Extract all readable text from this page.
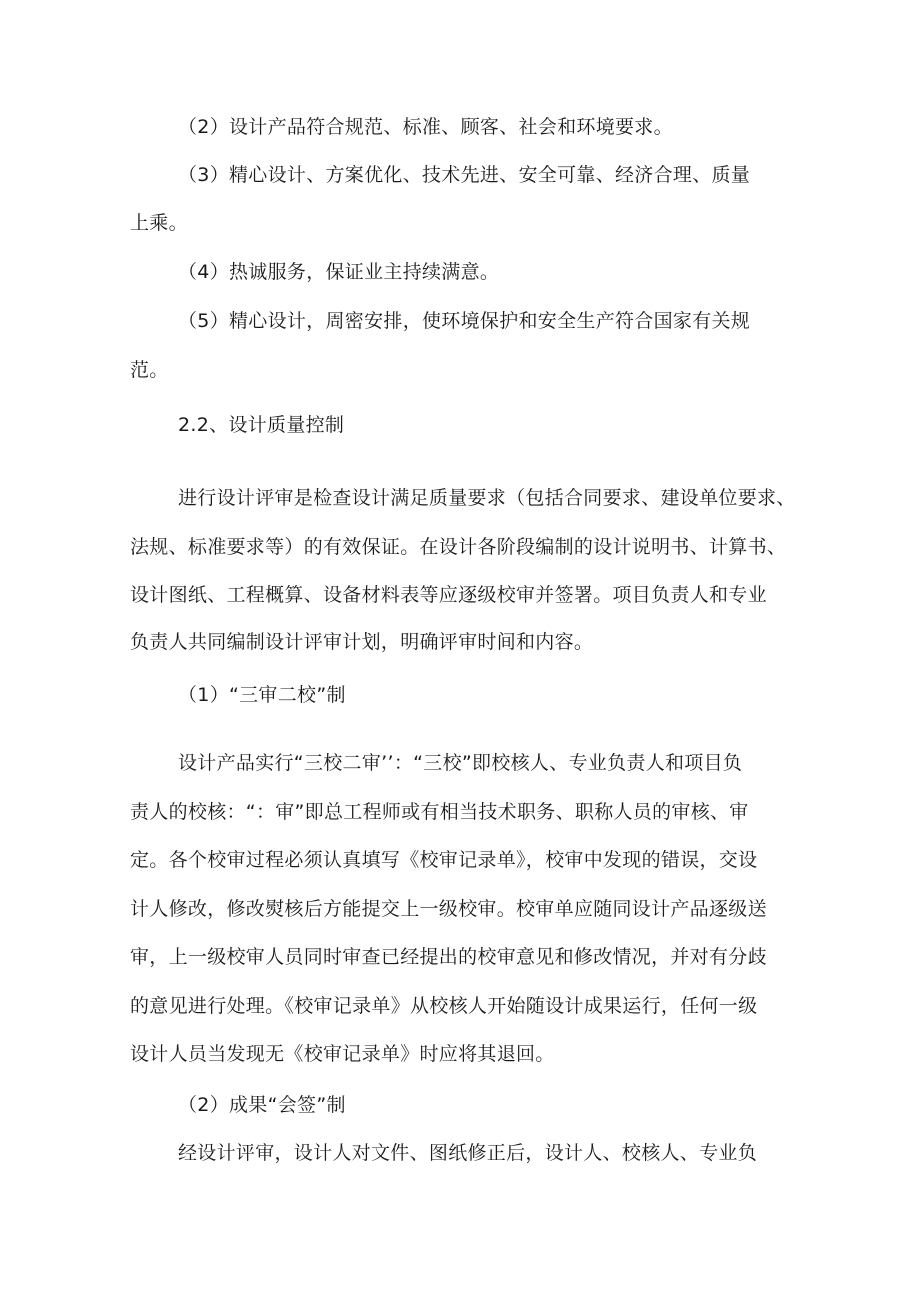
（2）设计产品符合规范、标准、顾客、社会和环境要求。
（3）精心设计、方案优化、技术先进、安全可靠、经济合理、质量
上乘。
（4）热诚服务，保证业主持续满意。
（5）精心设计，周密安排，使环境保护和安全生产符合国家有关规
范。
2.2、设计质量控制
进行设计评审是检查设计满足质量要求（包括合同要求、建设单位要求、
法规、标准要求等）的有效保证。在设计各阶段编制的设计说明书、计算书、
设计图纸、工程概算、设备材料表等应逐级校审并签署。项目负责人和专业
负责人共同编制设计评审计划，明确评审时间和内容。
（1）“三审二校”制
设计产品实行“三校二审’’：“三校”即校核人、专业负责人和项目负
责人的校核：“：审”即总工程师或有相当技术职务、职称人员的审核、审
定。各个校审过程必须认真填写《校审记录单》，校审中发现的错误，交设
计人修改，修改熨核后方能提交上一级校审。校审单应随同设计产品逐级送
审，上一级校审人员同时审查已经提出的校审意见和修改情况，并对有分歧
的意见进行处理。《校审记录单》从校核人开始随设计成果运行，任何一级
设计人员当发现无《校审记录单》时应将其退回。
（2）成果“会签”制
经设计评审，设计人对文件、图纸修正后，设计人、校核人、专业负
